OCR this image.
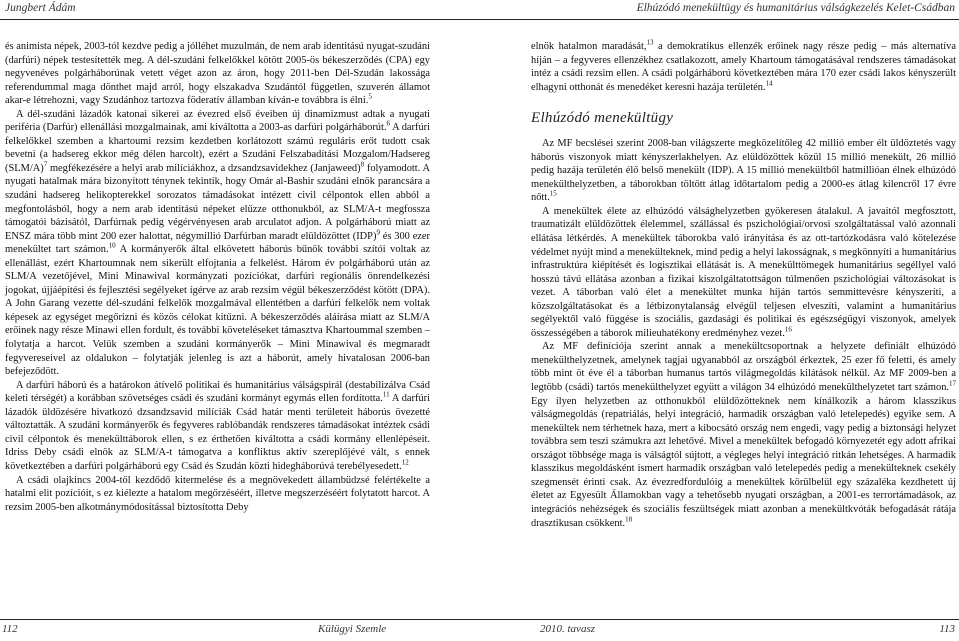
Jungbert Ádám	Elhúzódó menekültügy és humanitárius válságkezelés Kelet-Csádban

és animista népek, 2003-tól kezdve pedig a jólléhet muzulmán, de nem arab identitású nyugat-szudáni (darfúri) népek testesítették meg. A dél-szudáni felkelőkkel kötött 2005-ös békeszerződés (CPA) egy negyvenéves polgárháborúnak vetett véget azon az áron, hogy 2011-ben Dél-Szudán lakossága referendummal maga dönthet majd arról, hogy elszakadva Szudántól független, szuverén államot akar-e létrehozni, vagy Szudánhoz tartozva föderatív államban kíván-e továbbra is élni.$^5$

A dél-szudáni lázadók katonai sikerei az évezred első éveiben új dinamizmust adtak a nyugati periféria (Darfúr) ellenállási mozgalmainak, ami kiváltotta a 2003-as darfúri polgárháborút.$^6$ A darfúri felkelőkkel szemben a khartoumi rezsim kezdetben korlátozott számú reguláris erőt tudott csak bevetni (a hadsereg ekkor még délen harcolt), ezért a Szudáni Felszabadítási Mozgalom/Hadsereg $(SLM/A)^7$ megfékezésére a helyi arab milíciákhoz, a dzsandzsavidekhez (Janjaweed)$^8$ folyamodott. A nyugati hatalmak mára bizonyított ténynek tekintik, hogy Omár al-Bashir szudáni elnök parancsára a szudáni hadsereg helikopterekkel sorozatos támadásokat intézett civil célpontok ellen abból a megfontolásból, hogy a nem arab identitású népeket elűzze otthonukból, az SLM/A-t megfossza támogatói bázisától, Darfúrnak pedig végérvényesen arab arculatot adjon. A polgárháború miatt az ENSZ mára több mint 200 ezer halottat, négymillió Darfúrban maradt elüldözöttet (IDP)$^9$ és 300 ezer menekültet tart számon.$^{10}$ A kormányerők által elkövetett háborús bűnök további szítói voltak az ellenállást, ezért Khartoumnak nem sikerült elfojtania a felkelést. Három év polgárháború után az SLM/A vezetőjével, Mini Minawival kormányzati pozíciókat, darfúri regionális önrendelkezési jogokat, újjáépítési és fejlesztési segélyeket ígérve az arab rezsim végül békeszerződést kötött (DPA). A John Garang vezette dél-szudáni felkelők mozgalmával ellentétben a darfúri felkelők nem voltak képesek az egységet megőrizni és közös célokat kitűzni. A békeszerződés aláírása miatt az SLM/A erőinek nagy része Minawi ellen fordult, és további követeléseket támasztva Khartoummal szemben – folytatja a harcot. Velük szemben a szudáni kormányerők – Mini Minawival és megmaradt fegyvereseivel az oldalukon – folytatják jelenleg is azt a háborút, amely hivatalosan 2006-ban befejeződött.

A darfúri háború és a határokon átívelő politikai és humanitárius válságspirál (destabilizálva Csád keleti térségét) a korábban szövetséges csádi és szudáni kormányt egymás ellen fordította.$^{11}$ A darfúri lázadók üldözésére hivatkozó dzsandzsavid milíciák Csád határ menti területeit háborús övezetté változtatták. A szudáni kormányerők és fegyveres rablóbandák rendszeres támadásokat intéztek csádi civil célpontok és menekülttáborok ellen, s ez érthetően kiváltotta a csádi kormány ellenlépéseit. Idriss Deby csádi elnök az SLM/A-t támogatva a konfliktus aktív szereplőjévé vált, s ennek következtében a darfúri polgárháború egy Csád és Szudán közti hidegháborúvá terebélyesedett.$^{12}$

A csádi olajkincs 2004-től kezdődő kitermelése és a megnövekedett állambüdzsé felértékelte a hatalmi elit pozícióit, s ez kiélezte a hatalom megőrzéséért, illetve megszerzéséért folytatott harcot. A rezsim 2005-ben alkotmánymódosítással biztosította Deby

elnök hatalmon maradását,$^{13}$ a demokratikus ellenzék erőinek nagy része pedig – más alternatíva híján – a fegyveres ellenzékhez csatlakozott, amely Khartoum támogatásával rendszeres támadásokat intéz a csádi rezsim ellen. A csádi polgárháború következtében mára 170 ezer csádi lakos kényszerült elhagyni otthonát és menedéket keresni hazája területén.$^{14}$

Elhúzódó menekültügy

Az MF becslései szerint 2008-ban világszerte megközelítőleg 42 millió ember élt üldöztetés vagy háborús viszonyok miatt kényszerlakhelyen. Az elüldözöttek közül 15 millió menekült, 26 millió pedig hazája területén élő belső menekült (IDP). A 15 millió menekültből hatmillióan élnek elhúzódó menekülthelyzetben, a táborokban töltött átlag időtartalom pedig a 2000-es átlag kilencről 17 évre nőtt.$^{15}$

A menekültek élete az elhúzódó válsághelyzetben gyökeresen átalakul. A javaitól megfosztott, traumatizált elüldözöttek élelemmel, szállással és pszichológiai/orvosi szolgáltatással való azonnali ellátása létkérdés. A menekültek táborokba való irányítása és az ott-tartózkodásra való kötelezése védelmet nyújt mind a menekülteknek, mind pedig a helyi lakosságnak, s megkönnyíti a humanitárius infrastruktúra kiépítését és logisztikai ellátását is. A menekülttömegek humanitárius segéllyel való hosszú távú ellátása azonban a fizikai kiszolgáltatottságon túlmenően pszichológiai változásokat is vezet. A táborban való élet a menekültet munka híján tartós semmittevésre kényszeríti, a közszolgáltatásokat és a létbizonytalanság elvégül teljesen elveszíti, valamint a humanitárius segélyektől való függése is szociális, gazdasági és politikai és egészségügyi viszonyok, amelyek összességében a táborok milieuhatékony eredményhez vezet.$^{16}$

Az MF definíciója szerint annak a menekültcsoportnak a helyzete definiált elhúzódó menekülthelyzetnek, amelynek tagjai ugyanabból az országból érkeztek, 25 ezer fő feletti, és amely több mint öt éve él a táborban humanus tartós világmegoldás kilátások nélkül. Az MF 2009-ben a legtöbb (csádi) tartós menekülthelyzet együtt a világon 34 elhúzódó menekülthelyzetet tart számon.$^{17}$ Egy ilyen helyzetben az otthonukból elüldözötteknek nem kínálkozik a három klasszikus válságmegoldás (repatriálás, helyi integráció, harmadik országban való letelepedés) egyike sem. A menekültek nem térhetnek haza, mert a kibocsátó ország nem engedi, vagy pedig a biztonsági helyzet továbbra sem teszi számukra azt lehetővé. Mivel a menekültek befogadó környezetét egy adott afrikai országot többsége maga is válságtól sújtott, a végleges helyi integráció ritkán lehetséges. A harmadik klasszikus megoldásként ismert harmadik országban való letelepedés pedig a menekülteknek csekély szegmensét érinti csak. Az évezredfordulóig a menekültek körülbelül egy százaléka kezdhetett új életet az Egyesült Államokban vagy a tehetősebb nyugati országban, a 2001-es terrortámadások, az integrációs nehézségek és szociális feszültségek miatt azonban a menekültkvóták befogadását rátája drasztikusan csökkent.$^{18}$

112	Külügyi Szemle	2010. tavasz	113
